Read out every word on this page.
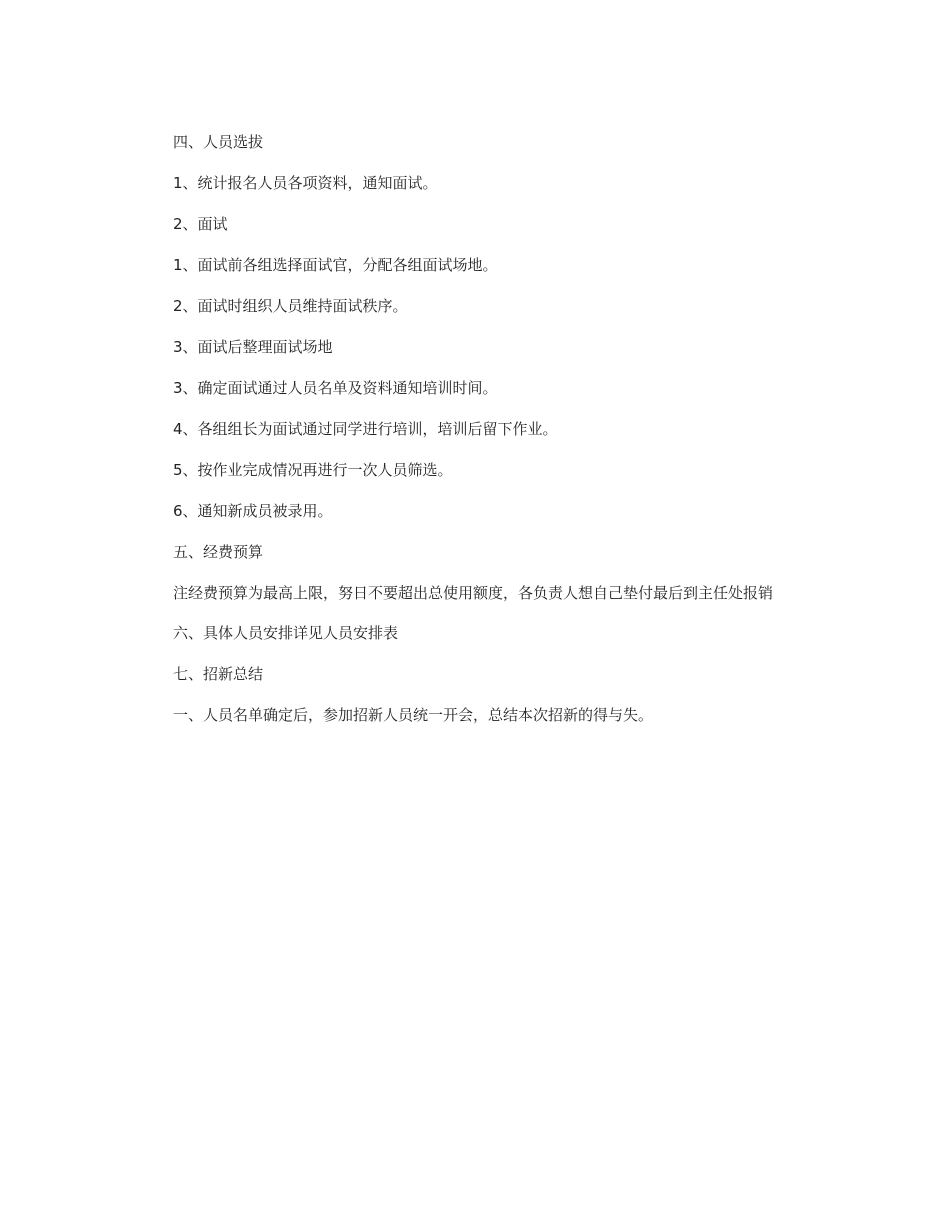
四、人员选拔

1、统计报名人员各项资料，通知面试。

2、面试

1、面试前各组选择面试官，分配各组面试场地。

2、面试时组织人员维持面试秩序。

3、面试后整理面试场地

3、确定面试通过人员名单及资料通知培训时间。

4、各组组长为面试通过同学进行培训，培训后留下作业。

5、按作业完成情况再进行一次人员筛选。

6、通知新成员被录用。

五、经费预算

注经费预算为最高上限，努日不要超出总使用额度，各负责人想自己垫付最后到主任处报销

六、具体人员安排详见人员安排表

七、招新总结

一、人员名单确定后，参加招新人员统一开会，总结本次招新的得与失。
